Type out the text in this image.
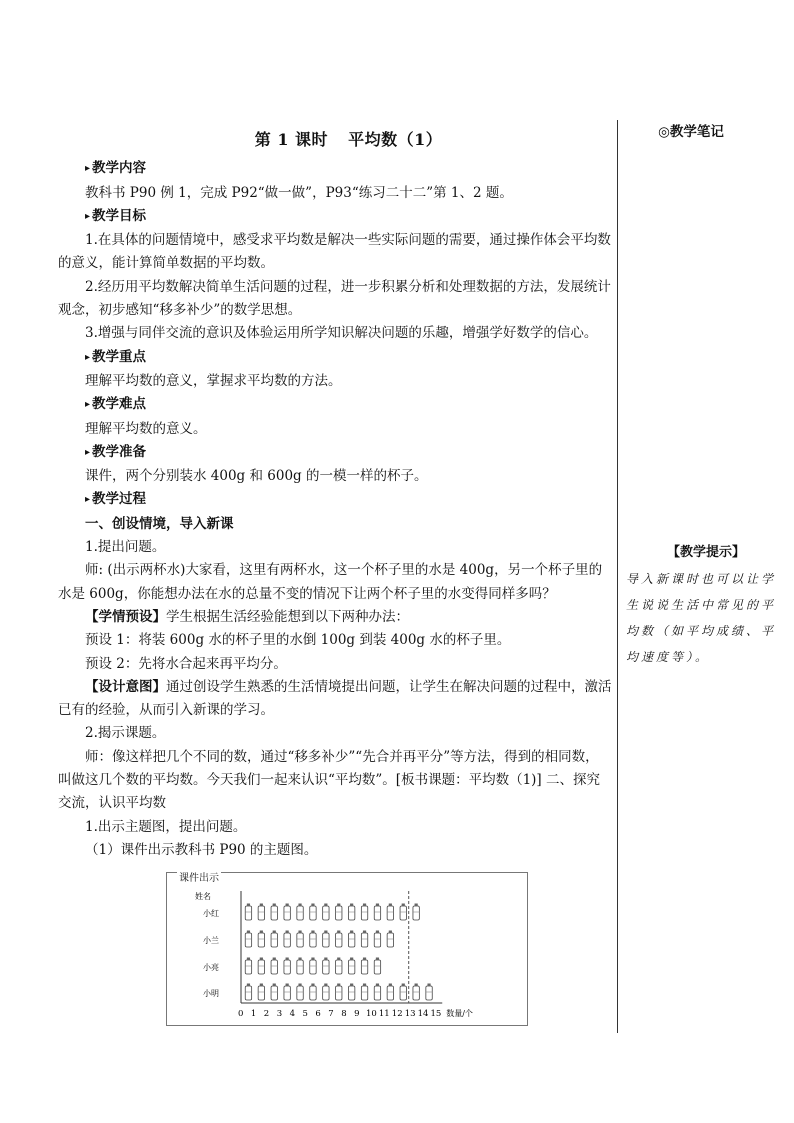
◎教学笔记
第 1 课时 平均数（1）

▸ 教学内容

教科书 P90 例 1，完成 P92“做一做”，P93“练习二十二”第 1、2 题。

▸ 教学目标

1.在具体的问题情境中，感受求平均数是解决一些实际问题的需要，通过操作体会平均数的意义，能计算简单数据的平均数。

2.经历用平均数解决简单生活问题的过程，进一步积累分析和处理数据的方法，发展统计观念，初步感知“移多补少”的数学思想。

3.增强与同伴交流的意识及体验运用所学知识解决问题的乐趣，增强学好数学的信心。

▸ 教学重点

理解平均数的意义，掌握求平均数的方法。

▸ 教学难点

理解平均数的意义。

▸ 教学准备

课件，两个分别装水 400g 和 600g 的一模一样的杯子。

▸ 教学过程

一、创设情境，导入新课

1.提出问题。

师: (出示两杯水)大家看，这里有两杯水，这一个杯子里的水是 400g，另一个杯子里的水是 600g，你能想办法在水的总量不变的情况下让两个杯子里的水变得同样多吗？

【学情预设】学生根据生活经验能想到以下两种办法：

预设 1：将装 600g 水的杯子里的水倒 100g 到装 400g 水的杯子里。

预设 2：先将水合起来再平均分。

【设计意图】通过创设学生熟悉的生活情境提出问题，让学生在解决问题的过程中，激活已有的经验，从而引入新课的学习。

2.揭示课题。

师：像这样把几个不同的数，通过“移多补少”“先合并再平分”等方法，得到的相同数，叫做这几个数的平均数。今天我们一起来认识“平均数”。[板书课题：平均数（1)] 二、探究交流，认识平均数

1.出示主题图，提出问题。

（1）课件出示教科书 P90 的主题图。

【教学提示】
导入新课时也可以让学生说说生活中常见的平均数（如平均成绩、平均速度等）。
课件出示
姓名
0 1 2 3 4 5 6 7 8 9 10 11 12 13 14 15 数量/个
小红
小兰
小亮
小明
